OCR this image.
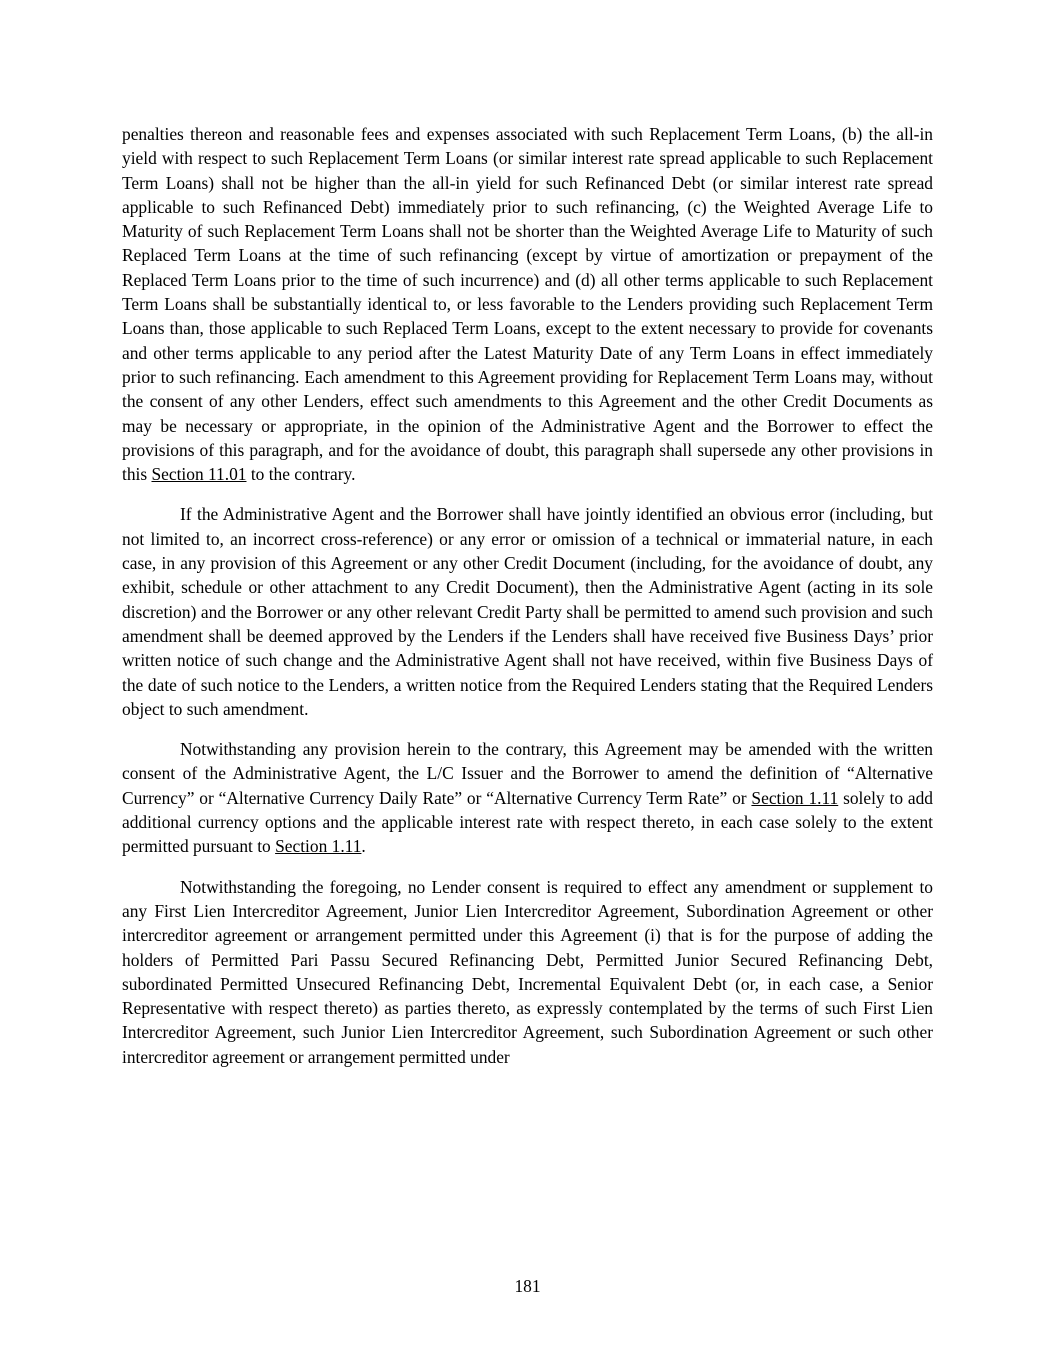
penalties thereon and reasonable fees and expenses associated with such Replacement Term Loans, (b) the all-in yield with respect to such Replacement Term Loans (or similar interest rate spread applicable to such Replacement Term Loans) shall not be higher than the all-in yield for such Refinanced Debt (or similar interest rate spread applicable to such Refinanced Debt) immediately prior to such refinancing, (c) the Weighted Average Life to Maturity of such Replacement Term Loans shall not be shorter than the Weighted Average Life to Maturity of such Replaced Term Loans at the time of such refinancing (except by virtue of amortization or prepayment of the Replaced Term Loans prior to the time of such incurrence) and (d) all other terms applicable to such Replacement Term Loans shall be substantially identical to, or less favorable to the Lenders providing such Replacement Term Loans than, those applicable to such Replaced Term Loans, except to the extent necessary to provide for covenants and other terms applicable to any period after the Latest Maturity Date of any Term Loans in effect immediately prior to such refinancing. Each amendment to this Agreement providing for Replacement Term Loans may, without the consent of any other Lenders, effect such amendments to this Agreement and the other Credit Documents as may be necessary or appropriate, in the opinion of the Administrative Agent and the Borrower to effect the provisions of this paragraph, and for the avoidance of doubt, this paragraph shall supersede any other provisions in this Section 11.01 to the contrary.

If the Administrative Agent and the Borrower shall have jointly identified an obvious error (including, but not limited to, an incorrect cross-reference) or any error or omission of a technical or immaterial nature, in each case, in any provision of this Agreement or any other Credit Document (including, for the avoidance of doubt, any exhibit, schedule or other attachment to any Credit Document), then the Administrative Agent (acting in its sole discretion) and the Borrower or any other relevant Credit Party shall be permitted to amend such provision and such amendment shall be deemed approved by the Lenders if the Lenders shall have received five Business Days’ prior written notice of such change and the Administrative Agent shall not have received, within five Business Days of the date of such notice to the Lenders, a written notice from the Required Lenders stating that the Required Lenders object to such amendment.

Notwithstanding any provision herein to the contrary, this Agreement may be amended with the written consent of the Administrative Agent, the L/C Issuer and the Borrower to amend the definition of “Alternative Currency” or “Alternative Currency Daily Rate” or “Alternative Currency Term Rate” or Section 1.11 solely to add additional currency options and the applicable interest rate with respect thereto, in each case solely to the extent permitted pursuant to Section 1.11.

Notwithstanding the foregoing, no Lender consent is required to effect any amendment or supplement to any First Lien Intercreditor Agreement, Junior Lien Intercreditor Agreement, Subordination Agreement or other intercreditor agreement or arrangement permitted under this Agreement (i) that is for the purpose of adding the holders of Permitted Pari Passu Secured Refinancing Debt, Permitted Junior Secured Refinancing Debt, subordinated Permitted Unsecured Refinancing Debt, Incremental Equivalent Debt (or, in each case, a Senior Representative with respect thereto) as parties thereto, as expressly contemplated by the terms of such First Lien Intercreditor Agreement, such Junior Lien Intercreditor Agreement, such Subordination Agreement or such other intercreditor agreement or arrangement permitted under

181
